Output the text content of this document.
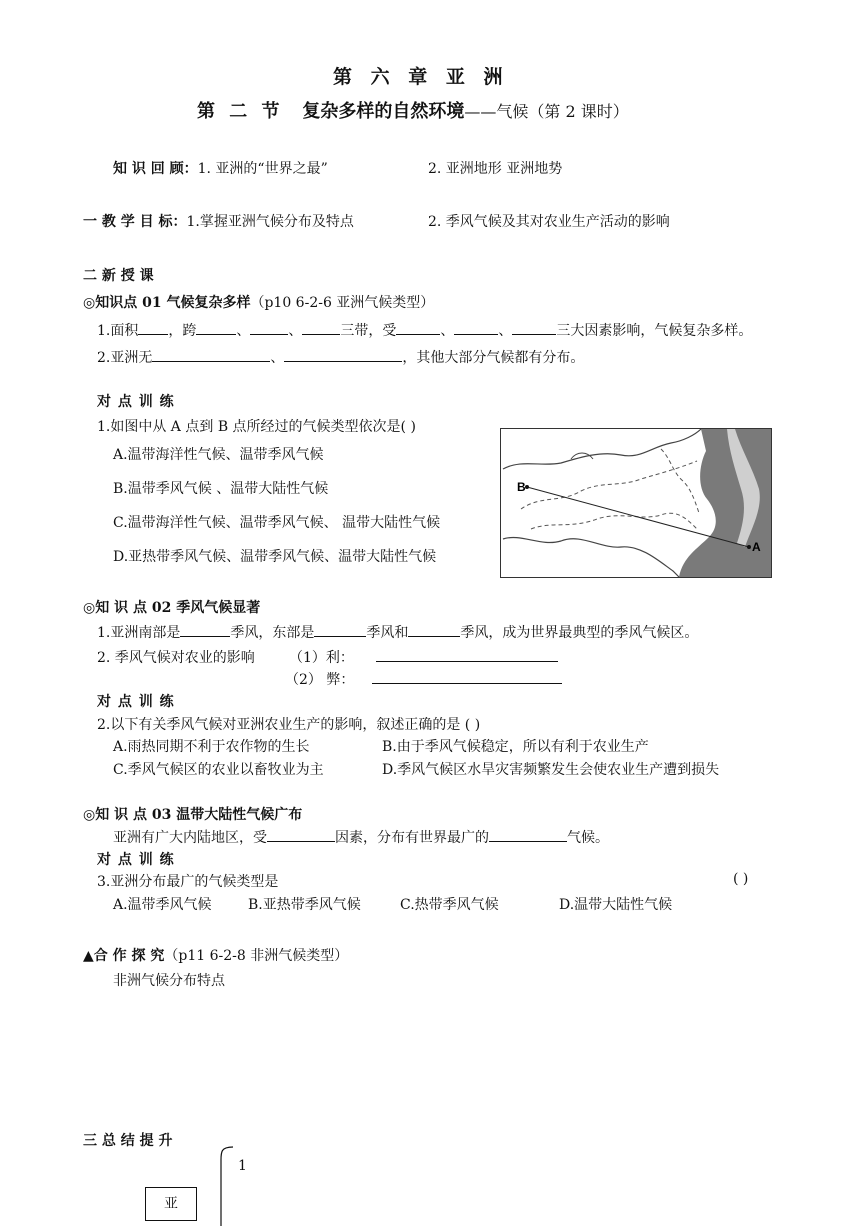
第 六 章 亚 洲
第 二 节 复杂多样的自然环境——气候（第 2 课时）
知 识 回 顾：1. 亚洲的“世界之最”	2. 亚洲地形 亚洲地势
一 教 学 目 标：1.掌握亚洲气候分布及特点	2. 季风气候及其对农业生产活动的影响
二 新 授 课
◎知识点 01 气候复杂多样（p10 6-2-6 亚洲气候类型）
1.面积 ，跨	、	、	三带，受	、	、	三大因素影响，气候复杂多样。
2.亚洲无	、	，其他大部分气候都有分布。
对 点 训 练
1.如图中从 A 点到 B 点所经过的气候类型依次是( )
A.温带海洋性气候、温带季风气候
B.温带季风气候 、温带大陆性气候
C.温带海洋性气候、温带季风气候、 温带大陆性气候
D.亚热带季风气候、温带季风气候、温带大陆性气候
B
A
◎知 识 点 02 季风气候显著
1.亚洲南部是	季风，东部是	季风和	季风，成为世界最典型的季风气候区。
2. 季风气候对农业的影响 （1）利：
（2） 弊：
对 点 训 练
2.以下有关季风气候对亚洲农业生产的影响，叙述正确的是 ( )
A.雨热同期不利于农作物的生长	B.由于季风气候稳定，所以有利于农业生产
C.季风气候区的农业以畜牧业为主	D.季风气候区水旱灾害频繁发生会使农业生产遭到损失
◎知 识 点 03 温带大陆性气候广布
亚洲有广大内陆地区，受	因素，分布有世界最广的	气候。
对 点 训 练
3.亚洲分布最广的气候类型是	( )
A.温带季风气候	B.亚热带季风气候	C.热带季风气候	D.温带大陆性气候
▲合 作 探 究（p11 6-2-8 非洲气候类型）
非洲气候分布特点
三 总 结 提 升
亚
1
